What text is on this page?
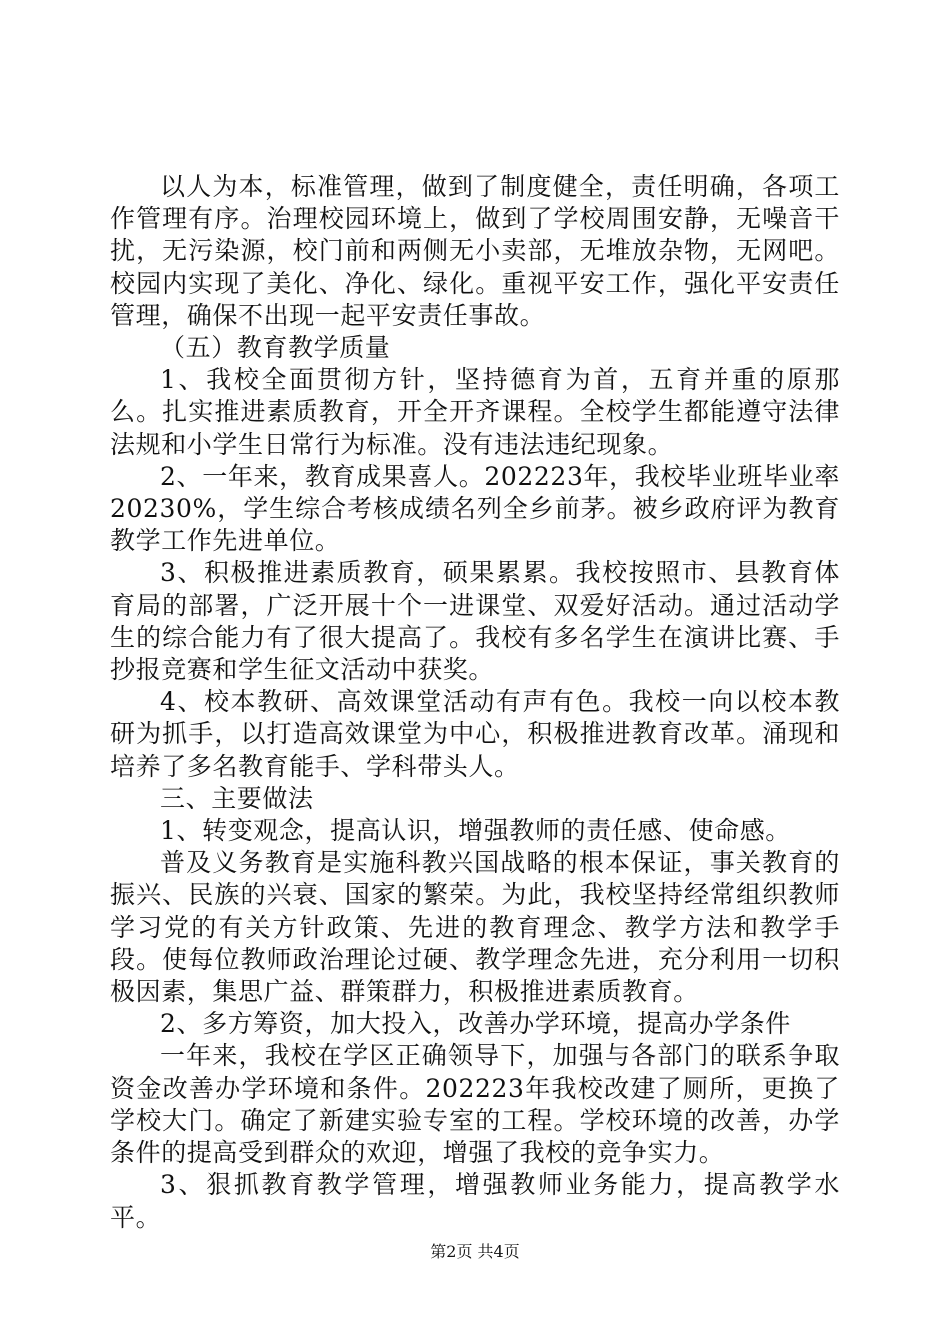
以人为本，标准管理，做到了制度健全，责任明确，各项工作管理有序。治理校园环境上，做到了学校周围安静，无噪音干扰，无污染源，校门前和两侧无小卖部，无堆放杂物，无网吧。校园内实现了美化、净化、绿化。重视平安工作，强化平安责任管理，确保不出现一起平安责任事故。

（五）教育教学质量

1、我校全面贯彻方针，坚持德育为首，五育并重的原那么。扎实推进素质教育，开全开齐课程。全校学生都能遵守法律法规和小学生日常行为标准。没有违法违纪现象。

2、一年来，教育成果喜人。202223年，我校毕业班毕业率20230%，学生综合考核成绩名列全乡前茅。被乡政府评为教育教学工作先进单位。

3、积极推进素质教育，硕果累累。我校按照市、县教育体育局的部署，广泛开展十个一进课堂、双爱好活动。通过活动学生的综合能力有了很大提高了。我校有多名学生在演讲比赛、手抄报竞赛和学生征文活动中获奖。

4、校本教研、高效课堂活动有声有色。我校一向以校本教研为抓手，以打造高效课堂为中心，积极推进教育改革。涌现和培养了多名教育能手、学科带头人。

三、主要做法

1、转变观念，提高认识，增强教师的责任感、使命感。

普及义务教育是实施科教兴国战略的根本保证，事关教育的振兴、民族的兴衰、国家的繁荣。为此，我校坚持经常组织教师学习党的有关方针政策、先进的教育理念、教学方法和教学手段。使每位教师政治理论过硬、教学理念先进，充分利用一切积极因素，集思广益、群策群力，积极推进素质教育。

2、多方筹资，加大投入，改善办学环境，提高办学条件

一年来，我校在学区正确领导下，加强与各部门的联系争取资金改善办学环境和条件。202223年我校改建了厕所，更换了学校大门。确定了新建实验专室的工程。学校环境的改善，办学条件的提高受到群众的欢迎，增强了我校的竞争实力。

3、狠抓教育教学管理，增强教师业务能力，提高教学水平。

第2页 共4页
